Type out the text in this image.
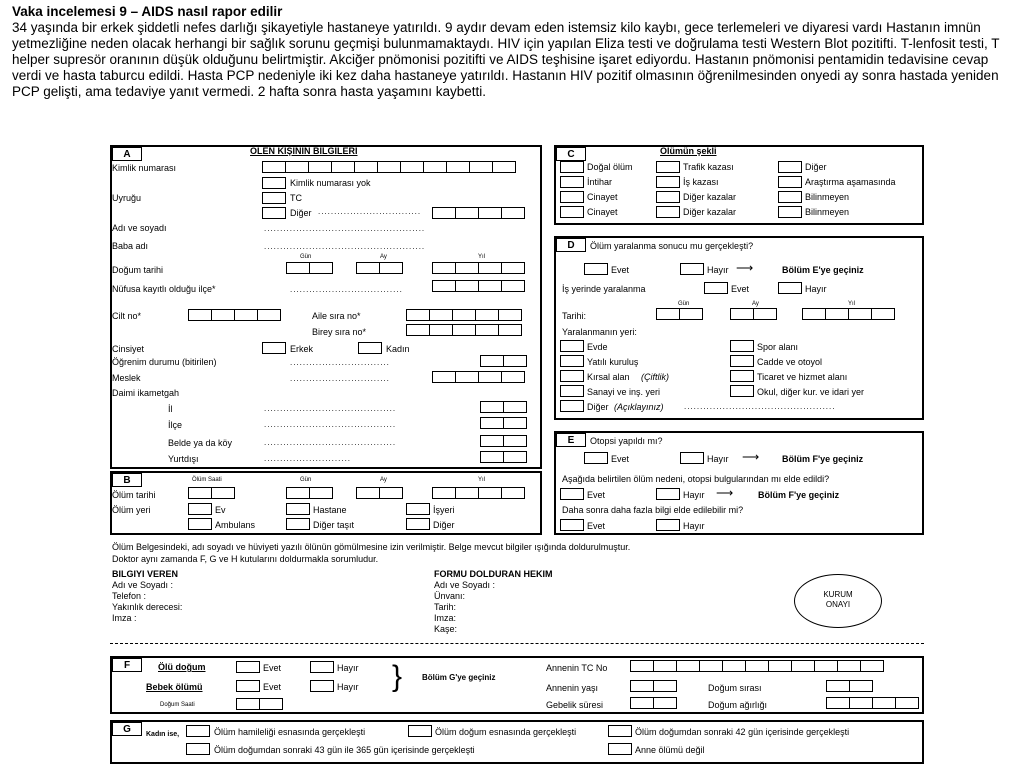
Vaka incelemesi 9 – AIDS nasıl rapor edilir
34 yaşında bir erkek şiddetli nefes darlığı şikayetiyle hastaneye yatırıldı. 9 aydır devam eden istemsiz kilo kaybı, gece terlemeleri ve diyaresi vardı Hastanın imnün yetmezliğine neden olacak herhangi bir sağlık sorunu geçmişi bulunmamaktaydı. HIV için yapılan Eliza testi ve doğrulama testi Western Blot pozitifti. T-lenfosit testi, T helper supresör oranının düşük olduğunu belirtmiştir. Akciğer pnömonisi pozitifti ve AIDS teşhisine işaret ediyordu. Hastanın pnömonisi pentamidin tedavisine cevap verdi ve hasta taburcu edildi. Hasta PCP nedeniyle iki kez daha hastaneye yatırıldı. Hastanın HIV pozitif olmasının öğrenilmesinden onyedi ay sonra hastada yeniden PCP gelişti, ama tedaviye yanıt vermedi. 2 hafta sonra hasta yaşamını kaybetti.
A	OLEN KIŞININ BILGILERI
Kimlik numarası
Kimlik numarası yok
Uyruğu	TC
Diğer ................................
Adı ve soyadı	..................................................
Baba adı	..................................................
Gün	Ay	Yıl
Doğum tarihi
Nüfusa kayıtlı olduğu ilçe*	...................................
Cilt no*	Aile sıra no*
Birey sıra no*
Cinsiyet	Erkek	Kadın
Öğrenim durumu (bitirilen)	...............................
Meslek	...............................
Daimi ikametgah
İl	.........................................
İlçe	.........................................
Belde ya da köy	.........................................
Yurtdışı	...........................
B	Ölüm Saati	Gün	Ay	Yıl
Ölüm tarihi
Ölüm yeri	Ev	Hastane	İşyeri
Ambulans	Diğer taşıt	Diğer
C	Ölümün şekli
Doğal ölüm	Trafik kazası	Diğer
İntihar	İş kazası	Araştırma aşamasında
Cinayet	Diğer kazalar	Bilinmeyen
Cinayet	Diğer kazalar	Bilinmeyen
D	Ölüm yaralanma sonucu mu gerçekleşti?
Evet	Hayır ⟶	Bölüm E'ye geçiniz
İş yerinde yaralanma	Evet	Hayır
Gün	Ay	Yıl
Tarihi:
Yaralanmanın yeri:
Evde	Spor alanı
Yatılı kuruluş	Cadde ve otoyol
Kırsal alan (Çiftlik)	Ticaret ve hizmet alanı
Sanayi ve inş. yeri	Okul, diğer kur. ve idari yer
Diğer (Açıklayınız)	...............................................
E	Otopsi yapıldı mı?
Evet	Hayır ⟶	Bölüm F'ye geçiniz
Aşağıda belirtilen ölüm nedeni, otopsi bulgularından mı elde edildi?
Evet	Hayır ⟶	Bölüm F'ye geçiniz
Daha sonra daha fazla bilgi elde edilebilir mi?
Evet	Hayır
Ölüm Belgesindeki, adı soyadı ve hüviyeti yazılı ölünün gömülmesine izin verilmiştir. Belge mevcut bilgiler ışığında doldurulmuştur.
Doktor aynı zamanda F, G ve H kutularını doldurmakla sorumludur.
BILGIYI VEREN
Adı ve Soyadı :
Telefon :
Yakınlık derecesi:
Imza :
FORMU DOLDURAN HEKIM
Adı ve Soyadı :
Ünvanı:
Tarih:
Imza:
Kaşe:
KURUM
ONAYI
F	Ölü doğum	Evet	Hayır
Bebek ölümü	Evet	Hayır } Bölüm G'ye geçiniz
Doğum Saati
Annenin TC No
Annenin yaşı	Doğum sırası
Gebelik süresi	Doğum ağırlığı
G	Kadın ise,	Ölüm hamileliği esnasında gerçekleşti	Ölüm doğum esnasında gerçekleşti	Ölüm doğumdan sonraki 42 gün içerisinde gerçekleşti
Ölüm doğumdan sonraki 43 gün ile 365 gün içerisinde gerçekleşti	Anne ölümü değil
